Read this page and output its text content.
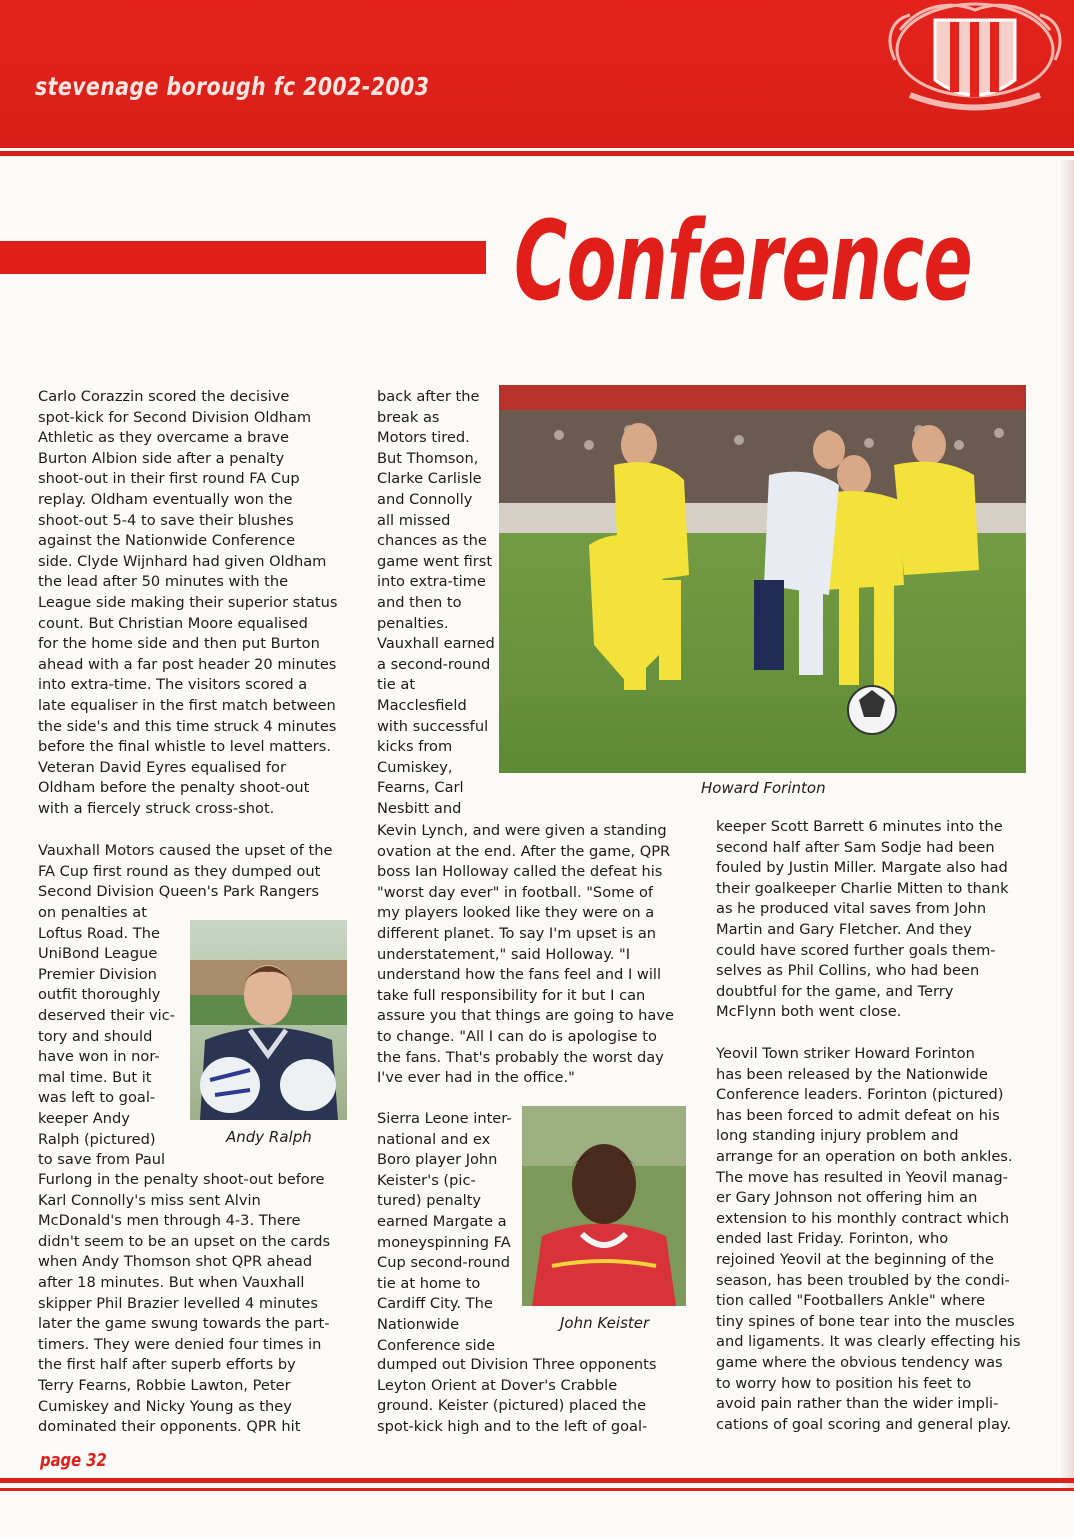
stevenage borough fc 2002-2003
Conference

Carlo Corazzin scored the decisive
spot-kick for Second Division Oldham
Athletic as they overcame a brave
Burton Albion side after a penalty
shoot-out in their first round FA Cup
replay. Oldham eventually won the
shoot-out 5-4 to save their blushes
against the Nationwide Conference
side. Clyde Wijnhard had given Oldham
the lead after 50 minutes with the
League side making their superior status
count. But Christian Moore equalised
for the home side and then put Burton
ahead with a far post header 20 minutes
into extra-time. The visitors scored a
late equaliser in the first match between
the side's and this time struck 4 minutes
before the final whistle to level matters.
Veteran David Eyres equalised for
Oldham before the penalty shoot-out
with a fiercely struck cross-shot.

Vauxhall Motors caused the upset of the
FA Cup first round as they dumped out
Second Division Queen's Park Rangers

on penalties at
Loftus Road. The
UniBond League
Premier Division
outfit thoroughly
deserved their vic-
tory and should
have won in nor-
mal time. But it
was left to goal-
keeper Andy
Ralph (pictured)
to save from Paul

Andy Ralph

Furlong in the penalty shoot-out before
Karl Connolly's miss sent Alvin
McDonald's men through 4-3. There
didn't seem to be an upset on the cards
when Andy Thomson shot QPR ahead
after 18 minutes. But when Vauxhall
skipper Phil Brazier levelled 4 minutes
later the game swung towards the part-
timers. They were denied four times in
the first half after superb efforts by
Terry Fearns, Robbie Lawton, Peter
Cumiskey and Nicky Young as they
dominated their opponents. QPR hit

back after the
break as
Motors tired.
But Thomson,
Clarke Carlisle
and Connolly
all missed
chances as the
game went first
into extra-time
and then to
penalties.
Vauxhall earned
a second-round
tie at
Macclesfield
with successful
kicks from
Cumiskey,
Fearns, Carl
Nesbitt and

Howard Forinton

Kevin Lynch, and were given a standing
ovation at the end. After the game, QPR
boss Ian Holloway called the defeat his
"worst day ever" in football. "Some of
my players looked like they were on a
different planet. To say I'm upset is an
understatement," said Holloway. "I
understand how the fans feel and I will
take full responsibility for it but I can
assure you that things are going to have
to change. "All I can do is apologise to
the fans. That's probably the worst day
I've ever had in the office."

Sierra Leone inter-
national and ex
Boro player John
Keister's (pic-
tured) penalty
earned Margate a
moneyspinning FA
Cup second-round
tie at home to
Cardiff City. The
Nationwide
Conference side

John Keister

dumped out Division Three opponents
Leyton Orient at Dover's Crabble
ground. Keister (pictured) placed the
spot-kick high and to the left of goal-

keeper Scott Barrett 6 minutes into the
second half after Sam Sodje had been
fouled by Justin Miller. Margate also had
their goalkeeper Charlie Mitten to thank
as he produced vital saves from John
Martin and Gary Fletcher. And they
could have scored further goals them-
selves as Phil Collins, who had been
doubtful for the game, and Terry
McFlynn both went close.

Yeovil Town striker Howard Forinton
has been released by the Nationwide
Conference leaders. Forinton (pictured)
has been forced to admit defeat on his
long standing injury problem and
arrange for an operation on both ankles.
The move has resulted in Yeovil manag-
er Gary Johnson not offering him an
extension to his monthly contract which
ended last Friday. Forinton, who
rejoined Yeovil at the beginning of the
season, has been troubled by the condi-
tion called "Footballers Ankle" where
tiny spines of bone tear into the muscles
and ligaments. It was clearly effecting his
game where the obvious tendency was
to worry how to position his feet to
avoid pain rather than the wider impli-
cations of goal scoring and general play.

page 32
